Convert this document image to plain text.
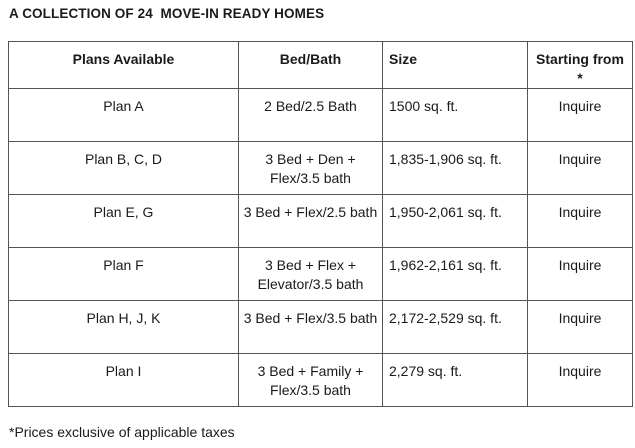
A COLLECTION OF 24  MOVE-IN READY HOMES
Plans Available	Bed/Bath	Size	Starting from *
Plan A	2 Bed/2.5 Bath	1500 sq. ft.	Inquire
Plan B, C, D	3 Bed + Den + Flex/3.5 bath	1,835-1,906 sq. ft.	Inquire
Plan E, G	3 Bed + Flex/2.5 bath	1,950-2,061 sq. ft.	Inquire
Plan F	3 Bed + Flex + Elevator/3.5 bath	1,962-2,161 sq. ft.	Inquire
Plan H, J, K	3 Bed + Flex/3.5 bath	2,172-2,529 sq. ft.	Inquire
Plan I	3 Bed + Family + Flex/3.5 bath	2,279 sq. ft.	Inquire
*Prices exclusive of applicable taxes
